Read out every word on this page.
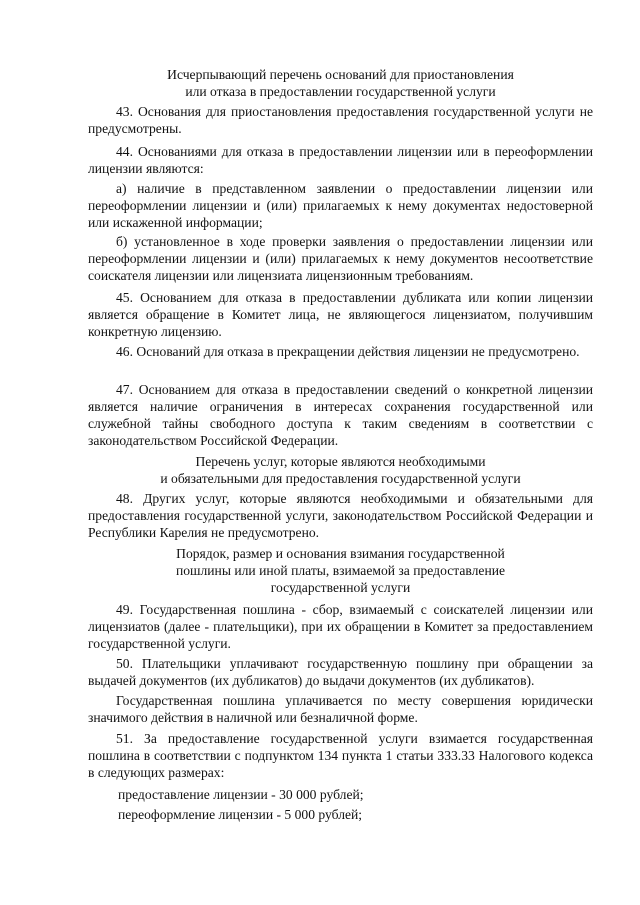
Исчерпывающий перечень оснований для приостановления

или отказа в предоставлении государственной услуги

43. Основания для приостановления предоставления государственной услуги не предусмотрены.

44. Основаниями для отказа в предоставлении лицензии или в переоформлении лицензии являются:

а) наличие в представленном заявлении о предоставлении лицензии или переоформлении лицензии и (или) прилагаемых к нему документах недостоверной или искаженной информации;

б) установленное в ходе проверки заявления о предоставлении лицензии или переоформлении лицензии и (или) прилагаемых к нему документов несоответствие соискателя лицензии или лицензиата лицензионным требованиям.

45. Основанием для отказа в предоставлении дубликата или копии лицензии является обращение в Комитет лица, не являющегося лицензиатом, получившим конкретную лицензию.

46. Оснований для отказа в прекращении действия лицензии не предусмотрено.

47. Основанием для отказа в предоставлении сведений о конкретной лицензии является наличие ограничения в интересах сохранения государственной или служебной тайны свободного доступа к таким сведениям в соответствии с законодательством Российской Федерации.

Перечень услуг, которые являются необходимыми

и обязательными для предоставления государственной услуги

48. Других услуг, которые являются необходимыми и обязательными для предоставления государственной услуги, законодательством Российской Федерации и Республики Карелия не предусмотрено.

Порядок, размер и основания взимания государственной

пошлины или иной платы, взимаемой за предоставление

государственной услуги

49. Государственная пошлина - сбор, взимаемый с соискателей лицензии или лицензиатов (далее - плательщики), при их обращении в Комитет за предоставлением государственной услуги.

50. Плательщики уплачивают государственную пошлину при обращении за выдачей документов (их дубликатов) до выдачи документов (их дубликатов).

Государственная пошлина уплачивается по месту совершения юридически значимого действия в наличной или безналичной форме.

51. За предоставление государственной услуги взимается государственная пошлина в соответствии с подпунктом 134 пункта 1 статьи 333.33 Налогового кодекса в следующих размерах:

предоставление лицензии - 30 000 рублей;

переоформление лицензии - 5 000 рублей;
